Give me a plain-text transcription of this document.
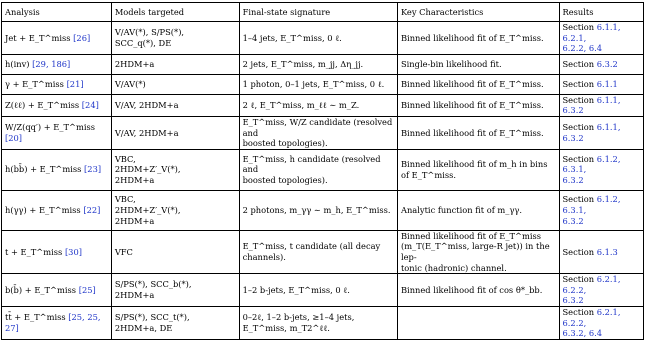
Analysis	Models targeted	Final-state signature	Key Characteristics	Results
Jet + E_T^miss [26]	V/AV(*), S/PS(*),
SCC_q(*), DE	1–4 jets, E_T^miss, 0 ℓ.	Binned likelihood fit of E_T^miss.	Section 6.1.1, 6.2.1,
6.2.2, 6.4
h(inv) [29, 186]	2HDM+a	2 jets, E_T^miss, m_jj, Δη_jj.	Single-bin likelihood fit.	Section 6.3.2
γ + E_T^miss [21]	V/AV(*)	1 photon, 0–1 jets, E_T^miss, 0 ℓ.	Binned likelihood fit of E_T^miss.	Section 6.1.1
Z(ℓℓ) + E_T^miss [24]	V/AV, 2HDM+a	2 ℓ, E_T^miss, m_ℓℓ ∼ m_Z.	Binned likelihood fit of E_T^miss.	Section 6.1.1, 6.3.2
W/Z(qq′) + E_T^miss [20]	V/AV, 2HDM+a	E_T^miss, W/Z candidate (resolved and
boosted topologies).	Binned likelihood fit of E_T^miss.	Section 6.1.1, 6.3.2
h(bb̄) + E_T^miss [23]	VBC,
2HDM+Z′_V(*),
2HDM+a	E_T^miss, h candidate (resolved and
boosted topologies).	Binned likelihood fit of m_h in bins
of E_T^miss.	Section 6.1.2, 6.3.1,
6.3.2
h(γγ) + E_T^miss [22]	VBC,
2HDM+Z′_V(*),
2HDM+a	2 photons, m_γγ ∼ m_h, E_T^miss.	Analytic function fit of m_γγ.	Section 6.1.2, 6.3.1,
6.3.2
t + E_T^miss [30]	VFC	E_T^miss, t candidate (all decay channels).	Binned likelihood fit of E_T^miss
(m_T(E_T^miss, large-R jet)) in the lep-
tonic (hadronic) channel.	Section 6.1.3
b(b̄) + E_T^miss [25]	S/PS(*), SCC_b(*),
2HDM+a	1–2 b-jets, E_T^miss, 0 ℓ.	Binned likelihood fit of cos θ*_bb.	Section 6.2.1, 6.2.2,
6.3.2
tt̄ + E_T^miss [25, 25, 27]	S/PS(*), SCC_t(*),
2HDM+a, DE	0–2ℓ, 1–2 b-jets, ≥1–4 jets, E_T^miss, m_T2^ℓℓ.		Section 6.2.1, 6.2.2,
6.3.2, 6.4
